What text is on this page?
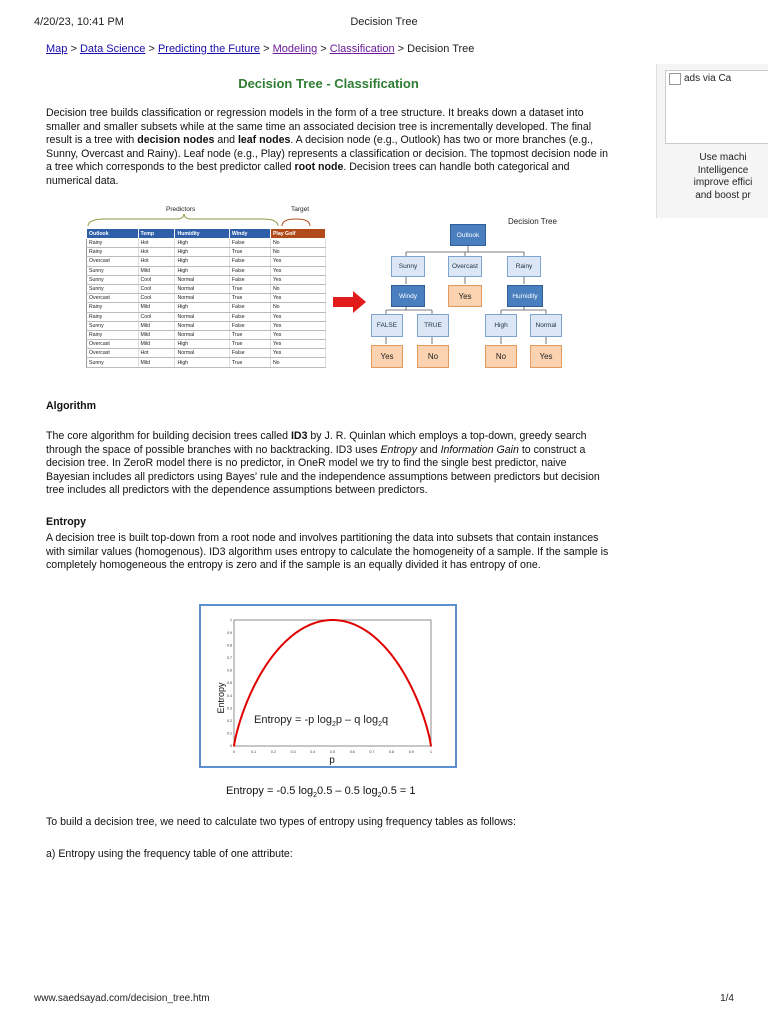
4/20/23, 10:41 PM	Decision Tree
Map > Data Science > Predicting the Future > Modeling > Classification > Decision Tree
Decision Tree - Classification
Decision tree builds classification or regression models in the form of a tree structure. It breaks down a dataset into smaller and smaller subsets while at the same time an associated decision tree is incrementally developed. The final result is a tree with decision nodes and leaf nodes. A decision node (e.g., Outlook) has two or more branches (e.g., Sunny, Overcast and Rainy). Leaf node (e.g., Play) represents a classification or decision. The topmost decision node in a tree which corresponds to the best predictor called root node. Decision trees can handle both categorical and numerical data.
ads via Ca
Use machi
Intelligence
improve effici
and boost pr
Predictors	Target
Outlook	Temp	Humidity	Windy	Play Golf
Rainy	Hot	High	False	No
Rainy	Hot	High	True	No
Overcast	Hot	High	False	Yes
Sunny	Mild	High	False	Yes
Sunny	Cool	Normal	False	Yes
Sunny	Cool	Normal	True	No
Overcast	Cool	Normal	True	Yes
Rainy	Mild	High	False	No
Rainy	Cool	Normal	False	Yes
Sunny	Mild	Normal	False	Yes
Rainy	Mild	Normal	True	Yes
Overcast	Mild	High	True	Yes
Overcast	Hot	Normal	False	Yes
Sunny	Mild	High	True	No
Decision Tree
Outlook
Sunny	Overcast	Rainy
Windy	Yes	Humidity
FALSE	TRUE	High	Normal
Yes	No	No	Yes
Algorithm
The core algorithm for building decision trees called ID3 by J. R. Quinlan which employs a top-down, greedy search through the space of possible branches with no backtracking. ID3 uses Entropy and Information Gain to construct a decision tree. In ZeroR model there is no predictor, in OneR model we try to find the single best predictor, naive Bayesian includes all predictors using Bayes' rule and the independence assumptions between predictors but decision tree includes all predictors with the dependence assumptions between predictors.
Entropy
A decision tree is built top-down from a root node and involves partitioning the data into subsets that contain instances with similar values (homogenous). ID3 algorithm uses entropy to calculate the homogeneity of a sample. If the sample is completely homogeneous the entropy is zero and if the sample is an equally divided it has entropy of one.
Entropy
p
Entropy = -p $\log_2p$ – q $\log_2q$
0	0.1	0.2	0.3	0.4	0.5	0.6	0.7	0.8	0.9	1
0
0.1
0.2
0.3
0.4
0.5
0.6
0.7
0.8
0.9
1
Entropy = -0.5 $\log_20.5 - 0.5$ $\log_20.5 = 1$
To build a decision tree, we need to calculate two types of entropy using frequency tables as follows:
a) Entropy using the frequency table of one attribute:
www.saedsayad.com/decision_tree.htm	1/4
